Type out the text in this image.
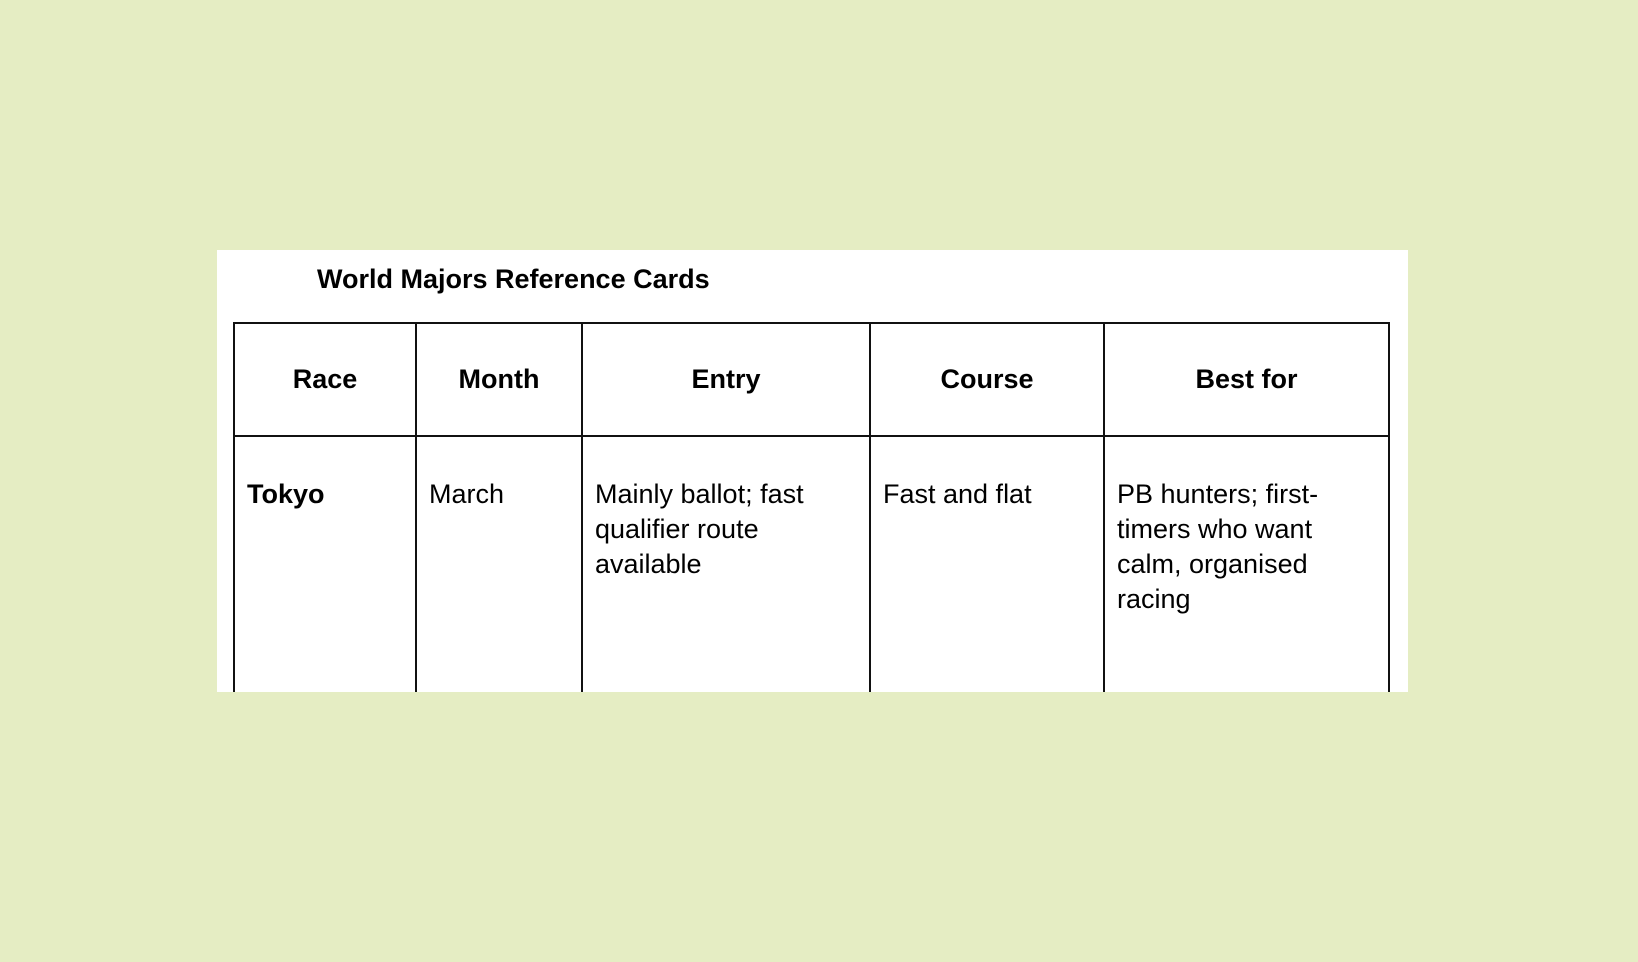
World Majors Reference Cards
Race	Month	Entry	Course	Best for
Tokyo	March	Mainly ballot; fast qualifier route available	Fast and flat	PB hunters; first-timers who want calm, organised racing
